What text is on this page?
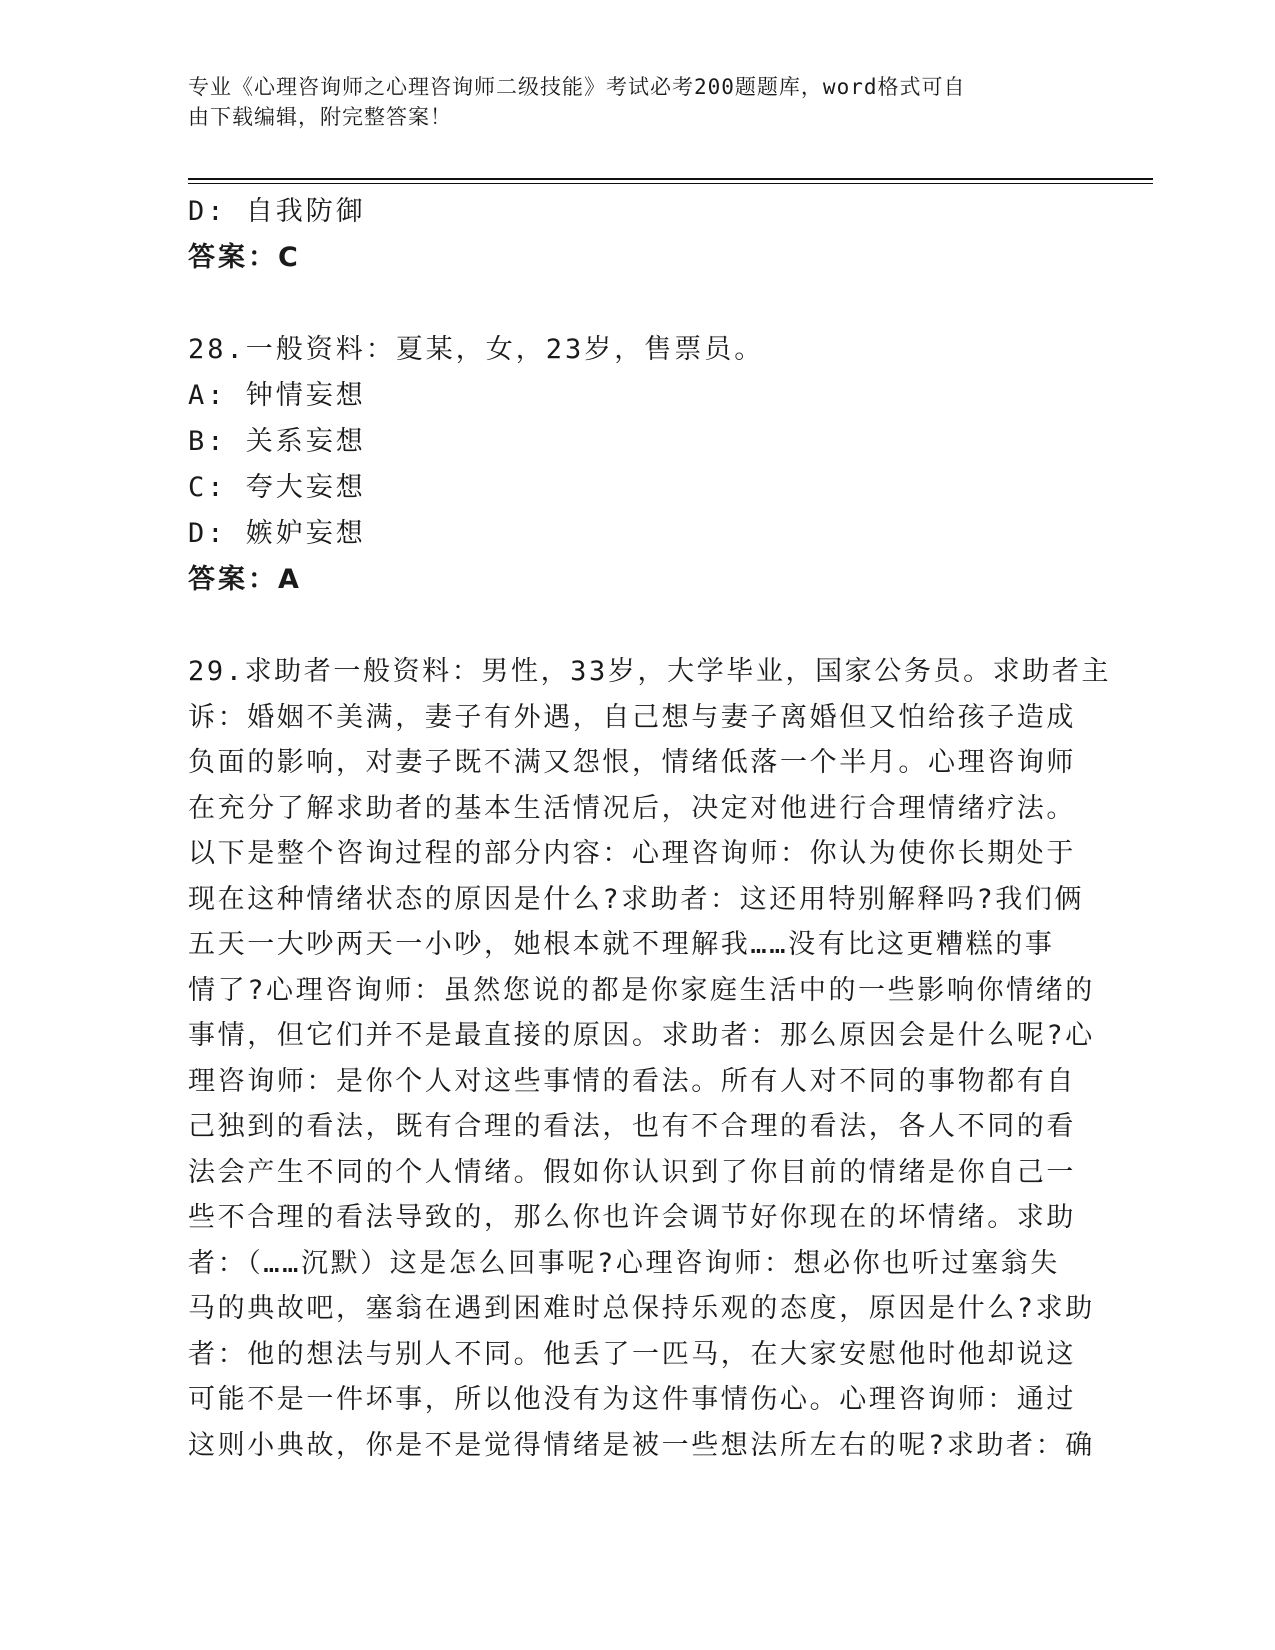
专业《心理咨询师之心理咨询师二级技能》考试必考200题题库，word格式可自
由下载编辑，附完整答案！
D: 自我防御
答案：C
28.一般资料：夏某，女，23岁，售票员。
A: 钟情妄想
B: 关系妄想
C: 夸大妄想
D: 嫉妒妄想
答案：A
29.求助者一般资料：男性，33岁，大学毕业，国家公务员。求助者主
诉：婚姻不美满，妻子有外遇，自己想与妻子离婚但又怕给孩子造成
负面的影响，对妻子既不满又怨恨，情绪低落一个半月。心理咨询师
在充分了解求助者的基本生活情况后，决定对他进行合理情绪疗法。
以下是整个咨询过程的部分内容：心理咨询师：你认为使你长期处于
现在这种情绪状态的原因是什么?求助者：这还用特别解释吗?我们俩
五天一大吵两天一小吵，她根本就不理解我……没有比这更糟糕的事
情了?心理咨询师：虽然您说的都是你家庭生活中的一些影响你情绪的
事情，但它们并不是最直接的原因。求助者：那么原因会是什么呢?心
理咨询师：是你个人对这些事情的看法。所有人对不同的事物都有自
己独到的看法，既有合理的看法，也有不合理的看法，各人不同的看
法会产生不同的个人情绪。假如你认识到了你目前的情绪是你自己一
些不合理的看法导致的，那么你也许会调节好你现在的坏情绪。求助
者：（……沉默）这是怎么回事呢?心理咨询师：想必你也听过塞翁失
马的典故吧，塞翁在遇到困难时总保持乐观的态度，原因是什么?求助
者：他的想法与别人不同。他丢了一匹马，在大家安慰他时他却说这
可能不是一件坏事，所以他没有为这件事情伤心。心理咨询师：通过
这则小典故，你是不是觉得情绪是被一些想法所左右的呢?求助者：确
